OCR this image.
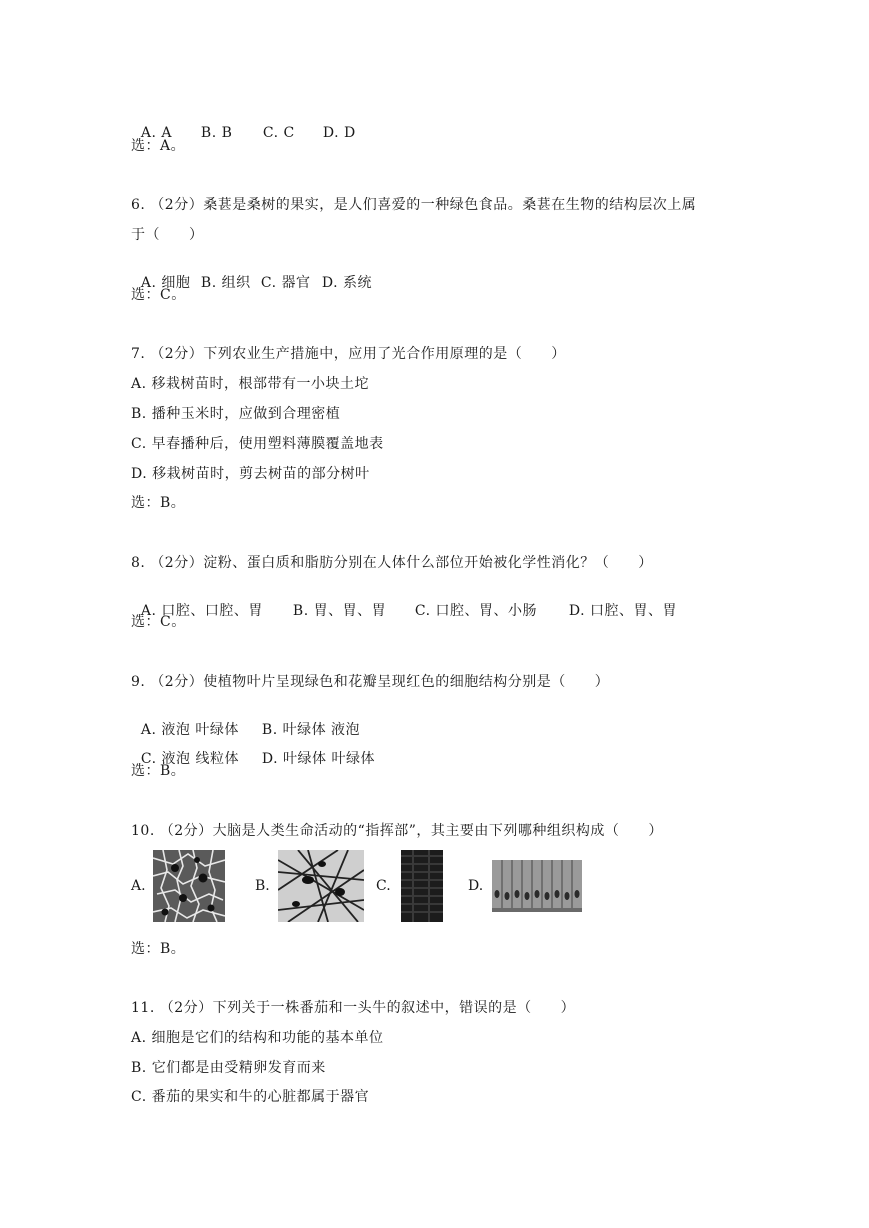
A. A B. B C. C D. D

选：A。
6. （2分）桑葚是桑树的果实，是人们喜爱的一种绿色食品。桑葚在生物的结构层次上属
于（　　）

A. 细胞 B. 组织 C. 器官 D. 系统

选：C。
7. （2分）下列农业生产措施中，应用了光合作用原理的是（　　）
A. 移栽树苗时，根部带有一小块土坨
B. 播种玉米时，应做到合理密植
C. 早春播种后，使用塑料薄膜覆盖地表
D. 移栽树苗时，剪去树苗的部分树叶
选：B。
8. （2分）淀粉、蛋白质和脂肪分别在人体什么部位开始被化学性消化？（　　）

A. 口腔、口腔、胃 B. 胃、胃、胃 C. 口腔、胃、小肠 D. 口腔、胃、胃

选：C。
9. （2分）使植物叶片呈现绿色和花瓣呈现红色的细胞结构分别是（　　）

A. 液泡 叶绿体 B. 叶绿体 液泡

C. 液泡 线粒体 D. 叶绿体 叶绿体

选：B。
10. （2分）大脑是人类生命活动的“指挥部”，其主要由下列哪种组织构成（　　）
A.	B.	C.	D.
选：B。
11. （2分）下列关于一株番茄和一头牛的叙述中，错误的是（　　）
A. 细胞是它们的结构和功能的基本单位
B. 它们都是由受精卵发育而来
C. 番茄的果实和牛的心脏都属于器官
